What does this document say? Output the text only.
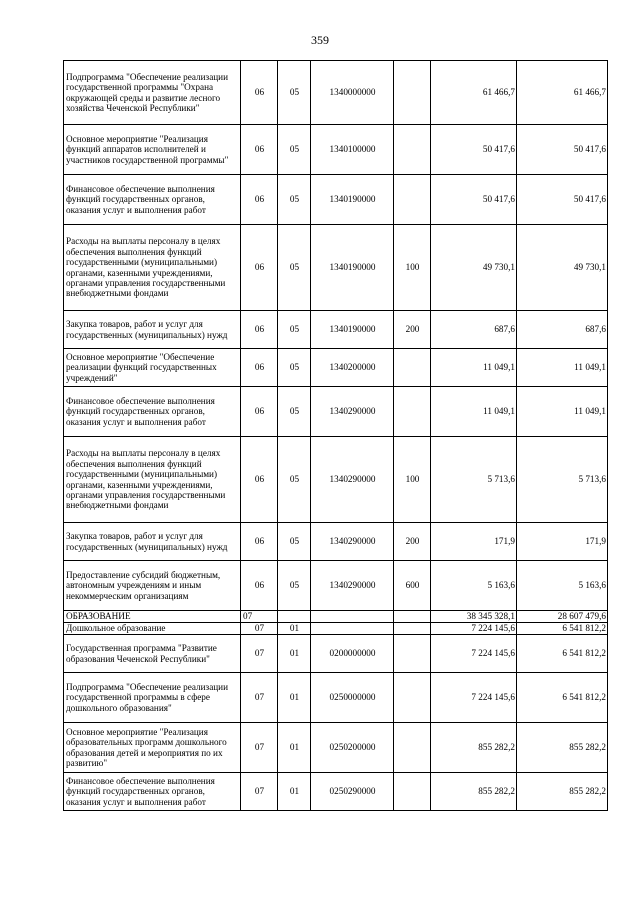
359
Подпрограмма "Обеспечение реализации государственной программы "Охрана окружающей среды и развитие лесного хозяйства Чеченской Республики"	06	05	1340000000		61 466,7	61 466,7
Основное мероприятие "Реализация функций аппаратов исполнителей и участников государственной программы"	06	05	1340100000		50 417,6	50 417,6
Финансовое обеспечение выполнения функций государственных органов, оказания услуг и выполнения работ	06	05	1340190000		50 417,6	50 417,6
Расходы на выплаты персоналу в целях обеспечения выполнения функций государственными (муниципальными) органами, казенными учреждениями, органами управления государственными внебюджетными фондами	06	05	1340190000	100	49 730,1	49 730,1
Закупка товаров, работ и услуг для государственных (муниципальных) нужд	06	05	1340190000	200	687,6	687,6
Основное мероприятие "Обеспечение реализации функций государственных учреждений"	06	05	1340200000		11 049,1	11 049,1
Финансовое обеспечение выполнения функций государственных органов, оказания услуг и выполнения работ	06	05	1340290000		11 049,1	11 049,1
Расходы на выплаты персоналу в целях обеспечения выполнения функций государственными (муниципальными) органами, казенными учреждениями, органами управления государственными внебюджетными фондами	06	05	1340290000	100	5 713,6	5 713,6
Закупка товаров, работ и услуг для государственных (муниципальных) нужд	06	05	1340290000	200	171,9	171,9
Предоставление субсидий бюджетным, автономным учреждениям и иным некоммерческим организациям	06	05	1340290000	600	5 163,6	5 163,6
ОБРАЗОВАНИЕ	07				38 345 328,1	28 607 479,6
Дошкольное образование	07	01			7 224 145,6	6 541 812,2
Государственная программа "Развитие образования Чеченской Республики"	07	01	0200000000		7 224 145,6	6 541 812,2
Подпрограмма "Обеспечение реализации государственной программы в сфере дошкольного образования"	07	01	0250000000		7 224 145,6	6 541 812,2
Основное мероприятие "Реализация образовательных программ дошкольного образования детей и мероприятия по их развитию"	07	01	0250200000		855 282,2	855 282,2
Финансовое обеспечение выполнения функций государственных органов, оказания услуг и выполнения работ	07	01	0250290000		855 282,2	855 282,2
